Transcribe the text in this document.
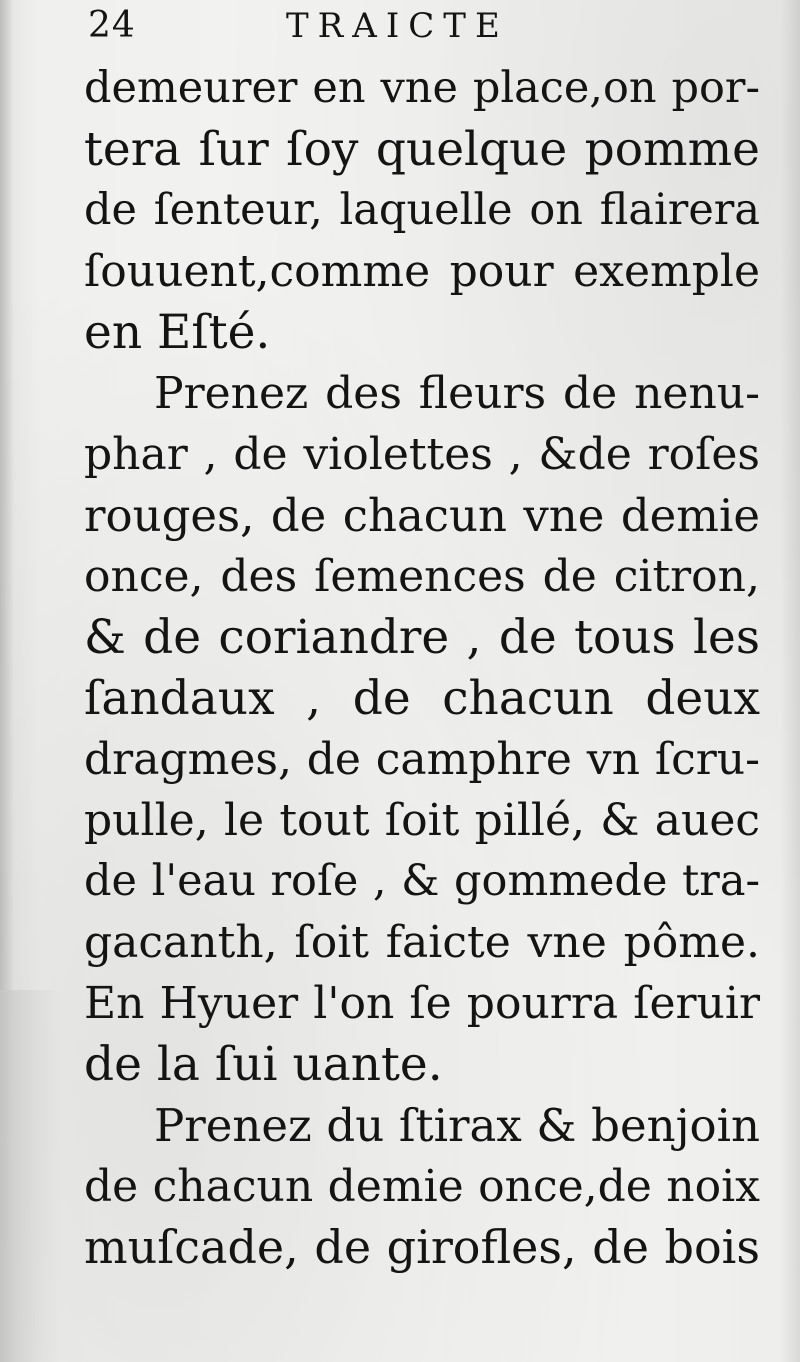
24	TRAICTE
demeurer en vne place,on por-
tera ſur ſoy quelque pomme
de ſenteur, laquelle on flairera
ſouuent,comme pour exemple
en Eſté.
Prenez des fleurs de nenu-
phar , de violettes , &de roſes
rouges, de chacun vne demie
once, des ſemences de citron,
& de coriandre , de tous les
ſandaux , de chacun deux
dragmes, de camphre vn ſcru-
pulle, le tout ſoit pillé, & auec
de l'eau roſe , & gommede tra-
gacanth, ſoit faicte vne pôme.
En Hyuer l'on ſe pourra ſeruir
de la ſui uante.
Prenez du ſtirax & benjoin
de chacun demie once,de noix
muſcade, de girofles, de bois
